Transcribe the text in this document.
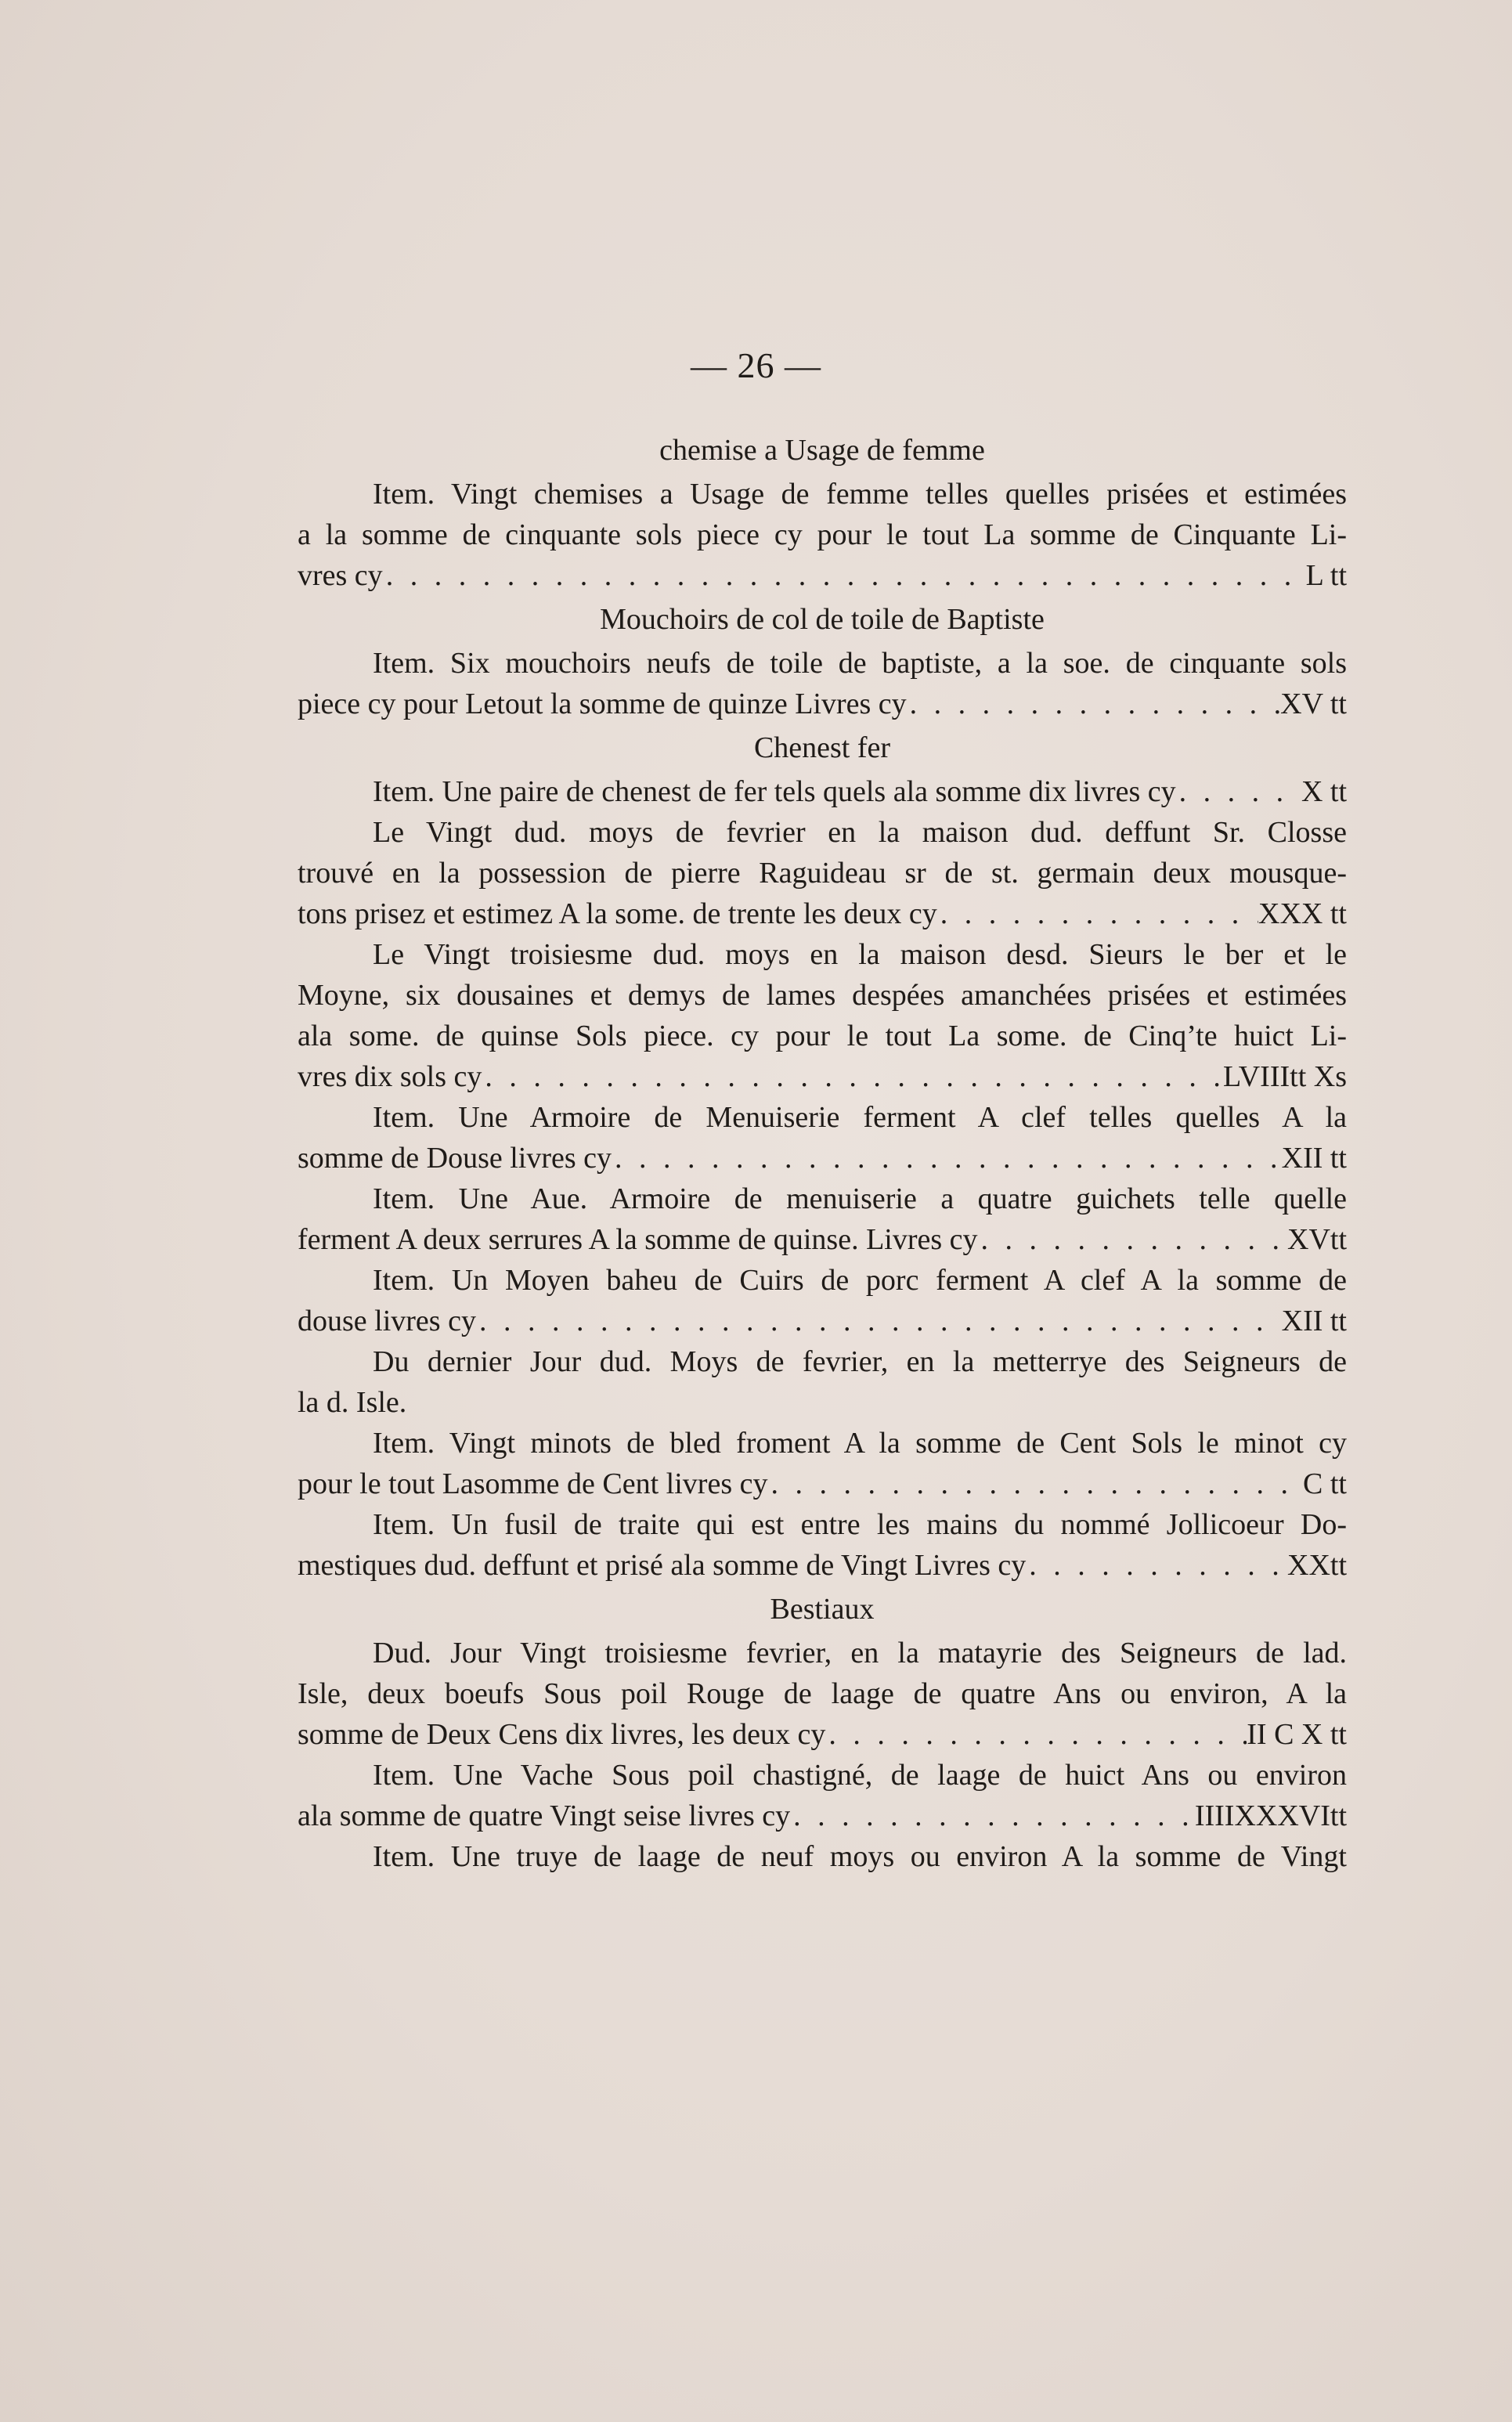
— 26 —
chemise a Usage de femme
Item. Vingt chemises a Usage de femme telles quelles prisées et estimées
a la somme de cinquante sols piece cy pour le tout La somme de Cinquante Li-
vres cy . . .	L tt
Mouchoirs de col de toile de Baptiste
Item. Six mouchoirs neufs de toile de baptiste, a la soe. de cinquante sols
piece cy pour Letout la somme de quinze Livres cy . . .	XV tt
Chenest fer
Item. Une paire de chenest de fer tels quels ala somme dix livres cy . . .	X tt
Le Vingt dud. moys de fevrier en la maison dud. deffunt Sr. Closse
trouvé en la possession de pierre Raguideau sr de st. germain deux mousque-
tons prisez et estimez A la some. de trente les deux cy . . .	XXX tt
Le Vingt troisiesme dud. moys en la maison desd. Sieurs le ber et le
Moyne, six dousaines et demys de lames despées amanchées prisées et estimées
ala some. de quinse Sols piece. cy pour le tout La some. de Cinq’te huict Li-
vres dix sols cy . . .	LVIIItt Xs
Item. Une Armoire de Menuiserie ferment A clef telles quelles A la
somme de Douse livres cy . . .	XII tt
Item. Une Aue. Armoire de menuiserie a quatre guichets telle quelle
ferment A deux serrures A la somme de quinse. Livres cy . . .	XVtt
Item. Un Moyen baheu de Cuirs de porc ferment A clef A la somme de
douse livres cy . . .	XII tt
Du dernier Jour dud. Moys de fevrier, en la metterrye des Seigneurs de
la d. Isle.
Item. Vingt minots de bled froment A la somme de Cent Sols le minot cy
pour le tout Lasomme de Cent livres cy . . .	C tt
Item. Un fusil de traite qui est entre les mains du nommé Jollicoeur Do-
mestiques dud. deffunt et prisé ala somme de Vingt Livres cy . . .	XXtt
Bestiaux
Dud. Jour Vingt troisiesme fevrier, en la matayrie des Seigneurs de lad.
Isle, deux boeufs Sous poil Rouge de laage de quatre Ans ou environ, A la
somme de Deux Cens dix livres, les deux cy . . .	II C X tt
Item. Une Vache Sous poil chastigné, de laage de huict Ans ou environ
ala somme de quatre Vingt seise livres cy . . .	IIIIXXXVItt
Item. Une truye de laage de neuf moys ou environ A la somme de Vingt
